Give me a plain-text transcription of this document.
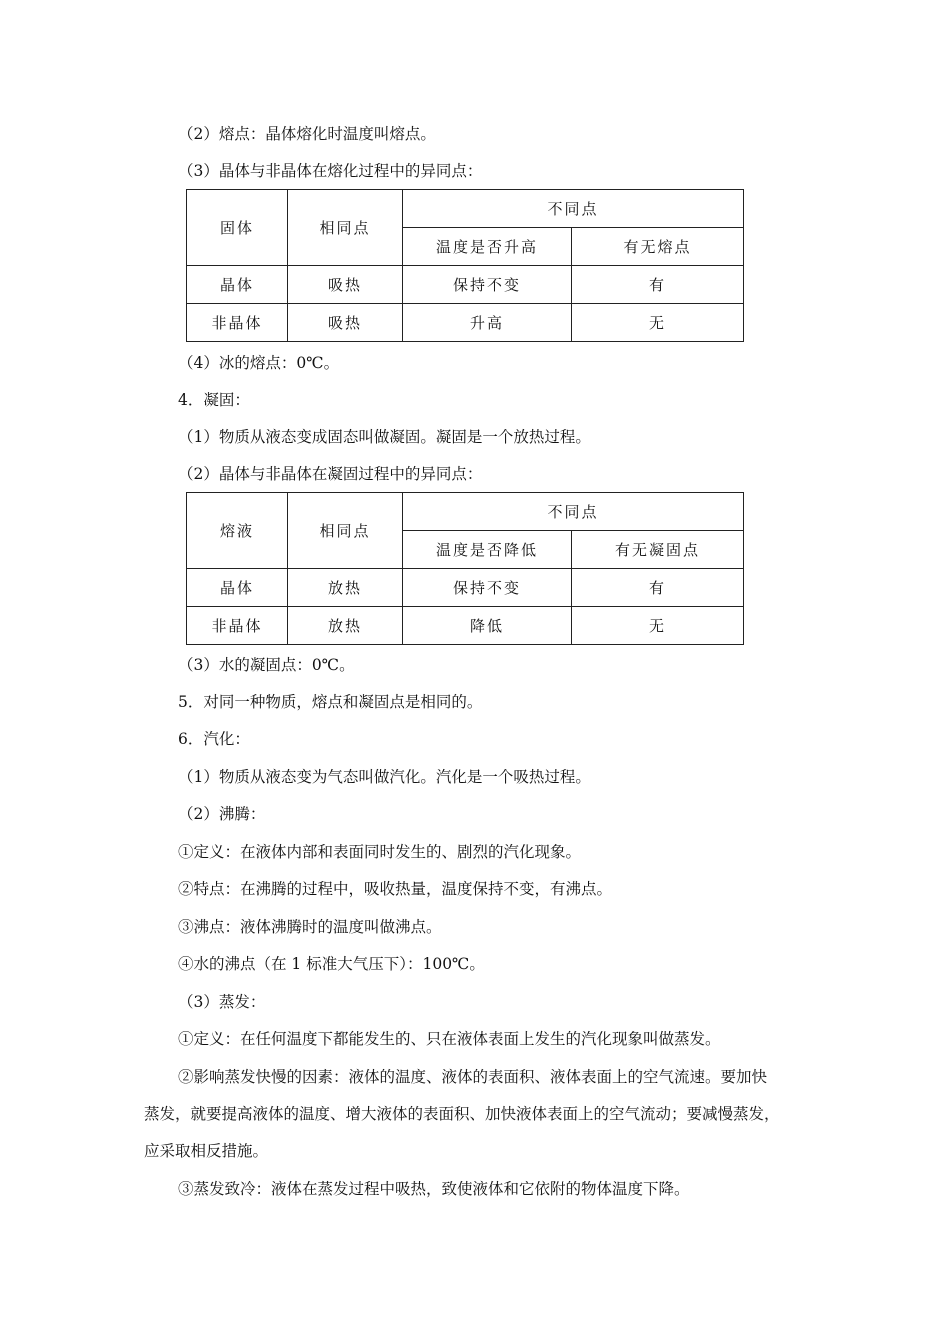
（2）熔点：晶体熔化时温度叫熔点。
（3）晶体与非晶体在熔化过程中的异同点：
固体	相同点	不同点	
		温度是否升高	有无熔点
晶体	吸热	保持不变	有
非晶体	吸热	升高	无
（4）冰的熔点：0℃。
4．凝固：
（1）物质从液态变成固态叫做凝固。凝固是一个放热过程。
（2）晶体与非晶体在凝固过程中的异同点：
熔液	相同点	不同点	
		温度是否降低	有无凝固点
晶体	放热	保持不变	有
非晶体	放热	降低	无
（3）水的凝固点：0℃。
5．对同一种物质，熔点和凝固点是相同的。
6．汽化：
（1）物质从液态变为气态叫做汽化。汽化是一个吸热过程。
（2）沸腾：
①定义：在液体内部和表面同时发生的、剧烈的汽化现象。
②特点：在沸腾的过程中，吸收热量，温度保持不变，有沸点。
③沸点：液体沸腾时的温度叫做沸点。
④水的沸点（在 1 标准大气压下）：100℃。
（3）蒸发：
①定义：在任何温度下都能发生的、只在液体表面上发生的汽化现象叫做蒸发。
②影响蒸发快慢的因素：液体的温度、液体的表面积、液体表面上的空气流速。要加快
蒸发，就要提高液体的温度、增大液体的表面积、加快液体表面上的空气流动；要减慢蒸发，
应采取相反措施。
③蒸发致冷：液体在蒸发过程中吸热，致使液体和它依附的物体温度下降。
